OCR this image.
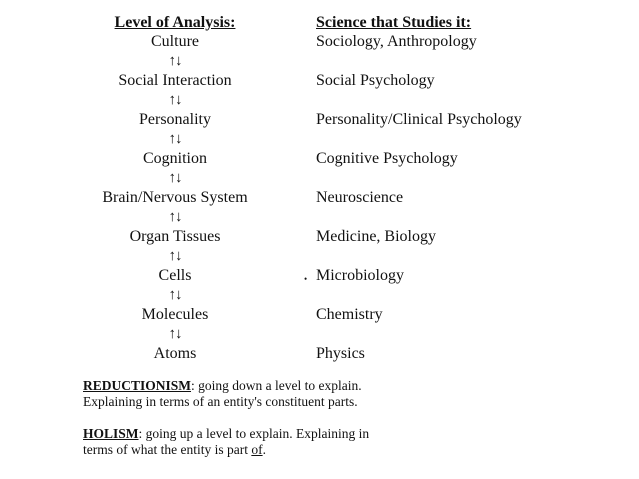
Level of Analysis:
Culture
↑↓
Social Interaction
↑↓
Personality
↑↓
Cognition
↑↓
Brain/Nervous System
↑↓
Organ Tissues
↑↓
Cells
↑↓
Molecules
↑↓
Atoms
Science that Studies it:
Sociology, Anthropology
Social Psychology
Personality/Clinical Psychology
Cognitive Psychology
Neuroscience
Medicine, Biology
• Microbiology
Chemistry
Physics

REDUCTIONISM: going down a level to explain.
Explaining in terms of an entity's constituent parts.

HOLISM: going up a level to explain. Explaining in
terms of what the entity is part of.
